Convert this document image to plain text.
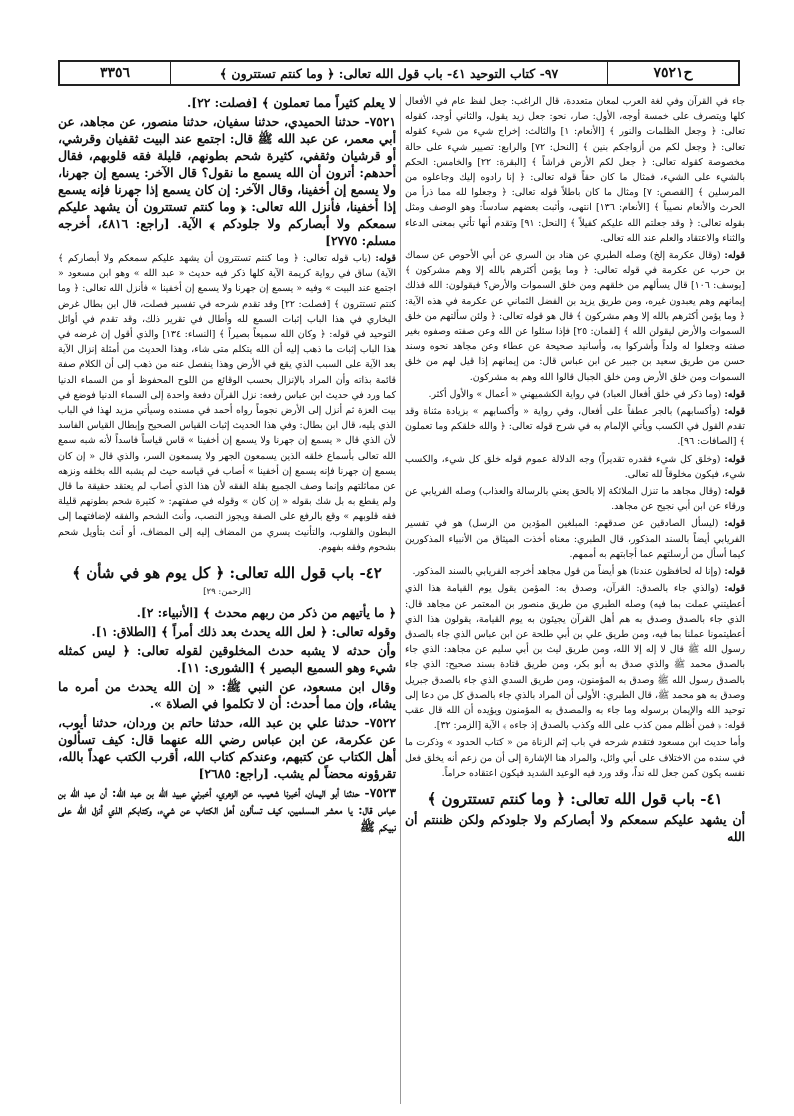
ح٧٥٢١
٩٧- كتاب التوحيد ٤١- باب قول الله تعالى: ﴿ وما كنتم تستترون ﴾
٣٣٥٦

جاء في القرآن وفي لغة العرب لمعان متعددة، قال الراغب: جعل لفظ عام في الأفعال كلها ويتصرف على خمسة أوجه، الأول: صار، نحو: جعل زيد يقول، والثاني أوجد، كقوله تعالى: ﴿ وجعل الظلمات والنور ﴾ [الأنعام: ١] والثالث: إخراج شيء من شيء كقوله تعالى: ﴿ وجعل لكم من أزواجكم بنين ﴾ [النحل: ٧٢] والرابع: تصيير شيء على حالة مخصوصة كقوله تعالى: ﴿ جعل لكم الأرض فراشاً ﴾ [البقرة: ٢٢] والخامس: الحكم بالشيء على الشيء، فمثال ما كان حقاً قوله تعالى: ﴿ إنا رادوه إليك وجاعلوه من المرسلين ﴾ [القصص: ٧] ومثال ما كان باطلاً قوله تعالى: ﴿ وجعلوا لله مما ذرأ من الحرث والأنعام نصيباً ﴾ [الأنعام: ١٣٦] انتهى، وأثبت بعضهم سادساً: وهو الوصف ومثل بقوله تعالى: ﴿ وقد جعلتم الله عليكم كفيلاً ﴾ [النحل: ٩١] وتقدم أنها تأتي بمعنى الدعاء والثناء والاعتقاد والعلم عند الله تعالى.

قوله: (وقال عكرمة إلخ) وصله الطبري عن هناد بن السري عن أبي الأحوص عن سماك بن حرب عن عكرمة في قوله تعالى: ﴿ وما يؤمن أكثرهم بالله إلا وهم مشركون ﴾ [يوسف: ١٠٦] قال يسألهم من خلقهم ومن خلق السموات والأرض؟ فيقولون: الله فذلك إيمانهم وهم يعبدون غيره، ومن طريق يزيد بن الفضل الثماني عن عكرمة في هذه الآية: ﴿ وما يؤمن أكثرهم بالله إلا وهم مشركون ﴾ قال هو قوله تعالى: ﴿ ولئن سألتهم من خلق السموات والأرض ليقولن الله ﴾ [لقمان: ٢٥] فإذا سئلوا عن الله وعن صفته وصفوه بغير صفته وجعلوا له ولداً وأشركوا به، وأسانيد صحيحة عن عطاء وعن مجاهد نحوه وسند حسن من طريق سعيد بن جبير عن ابن عباس قال: من إيمانهم إذا قيل لهم من خلق السموات ومن خلق الأرض ومن خلق الجبال قالوا الله وهم به مشركون.

قوله: (وما ذكر في خلق أفعال العباد) في رواية الكشميهني « أعمال » والأول أكثر.

قوله: (وأكسابهم) بالجر عطفاً على أفعال، وفي رواية « وأكسابهم » بزيادة مثناة وقد تقدم القول في الكسب ويأتي الإلمام به في شرح قوله تعالى: ﴿ والله خلقكم وما تعملون ﴾ [الصافات: ٩٦].

قوله: (وخلق كل شيء فقدره تقديراً) وجه الدلالة عموم قوله خلق كل شيء، والكسب شيء، فيكون مخلوقاً لله تعالى.

قوله: (وقال مجاهد ما تنزل الملائكة إلا بالحق يعني بالرسالة والعذاب) وصله الفريابي عن ورقاء عن ابن أبي نجيح عن مجاهد.

قوله: (ليسأل الصادقين عن صدقهم: المبلغين المؤدين من الرسل) هو في تفسير الفريابي أيضاً بالسند المذكور، قال الطبري: معناه أخذت الميثاق من الأنبياء المذكورين كيما أسأل من أرسلتهم عما أجابتهم به أممهم.

قوله: (وإنا له لحافظون عندنا) هو أيضاً من قول مجاهد أخرجه الفريابي بالسند المذكور.

قوله: (والذي جاء بالصدق: القرآن، وصدق به: المؤمن يقول يوم القيامة هذا الذي أعطيتني عملت بما فيه) وصله الطبري من طريق منصور بن المعتمر عن مجاهد قال: الذي جاء بالصدق وصدق به هم أهل القرآن يجيئون به يوم القيامة، يقولون هذا الذي أعطيتمونا عملنا بما فيه، ومن طريق علي بن أبي طلحة عن ابن عباس الذي جاء بالصدق رسول الله ﷺ قال لا إله إلا الله، ومن طريق ليث بن أبي سليم عن مجاهد: الذي جاء بالصدق محمد ﷺ والذي صدق به أبو بكر، ومن طريق قتادة بسند صحيح: الذي جاء بالصدق رسول الله ﷺ وصدق به المؤمنون، ومن طريق السدي الذي جاء بالصدق جبريل وصدق به هو محمد ﷺ، قال الطبري: الأولى أن المراد بالذي جاء بالصدق كل من دعا إلى توحيد الله والإيمان برسوله وما جاء به والمصدق به المؤمنون ويؤيده أن الله قال عقب قوله: ﴿ فمن أظلم ممن كذب على الله وكذب بالصدق إذ جاءه ﴾ الآية [الزمر: ٣٢].

وأما حديث ابن مسعود فتقدم شرحه في باب إثم الزناة من « كتاب الحدود » وذكرت ما في سنده من الاختلاف على أبي وائل، والمراد هنا الإشارة إلى أن من زعم أنه يخلق فعل نفسه يكون كمن جعل لله نداً، وقد ورد فيه الوعيد الشديد فيكون اعتقاده حراماً.

٤١- باب قول الله تعالى: ﴿ وما كنتم تستترون ﴾

أن يشهد عليكم سمعكم ولا أبصاركم ولا جلودكم ولكن ظننتم أن الله

لا يعلم كثيراً مما تعملون ﴾ [فصلت: ٢٢].

٧٥٢١- حدثنا الحميدي، حدثنا سفيان، حدثنا منصور، عن مجاهد، عن أبي معمر، عن عبد الله ﷺ قال: اجتمع عند البيت ثقفيان وقرشي، أو قرشيان وثقفي، كثيرة شحم بطونهم، قليلة فقه قلوبهم، فقال أحدهم: أترون أن الله يسمع ما نقول؟ قال الآخر: يسمع إن جهرنا، ولا يسمع إن أخفينا، وقال الآخر: إن كان يسمع إذا جهرنا فإنه يسمع إذا أخفينا، فأنزل الله تعالى: ﴿ وما كنتم تستترون أن يشهد عليكم سمعكم ولا أبصاركم ولا جلودكم ﴾ الآية. [راجع: ٤٨١٦، أخرجه مسلم: ٢٧٧٥]

قوله: (باب قوله تعالى: ﴿ وما كنتم تستترون أن يشهد عليكم سمعكم ولا أبصاركم ﴾ الآية) ساق في رواية كريمة الآية كلها ذكر فيه حديث « عبد الله » وهو ابن مسعود « اجتمع عند البيت » وفيه « يسمع إن جهرنا ولا يسمع إن أخفينا » فأنزل الله تعالى: ﴿ وما كنتم تستترون ﴾ [فصلت: ٢٢] وقد تقدم شرحه في تفسير فصلت، قال ابن بطال غرض البخاري في هذا الباب إثبات السمع لله وأطال في تقرير ذلك، وقد تقدم في أوائل التوحيد في قوله: ﴿ وكان الله سميعاً بصيراً ﴾ [النساء: ١٣٤] والذي أقول إن غرضه في هذا الباب إثبات ما ذهب إليه أن الله يتكلم متى شاء، وهذا الحديث من أمثلة إنزال الآية بعد الآية على السبب الذي يقع في الأرض وهذا ينفصل عنه من ذهب إلى أن الكلام صفة قائمة بذاته وأن المراد بالإنزال بحسب الوقائع من اللوح المحفوظ أو من السماء الدنيا كما ورد في حديث ابن عباس رفعه: نزل القرآن دفعة واحدة إلى السماء الدنيا فوضع في بيت العزة ثم أنزل إلى الأرض نجوماً رواه أحمد في مسنده وسيأتي مزيد لهذا في الباب الذي يليه، قال ابن بطال: وفي هذا الحديث إثبات القياس الصحيح وإبطال القياس الفاسد لأن الذي قال « يسمع إن جهرنا ولا يسمع إن أخفينا » قاس قياساً فاسداً لأنه شبه سمع الله تعالى بأسماع خلقه الذين يسمعون الجهر ولا يسمعون السر، والذي قال « إن كان يسمع إن جهرنا فإنه يسمع إن أخفينا » أصاب في قياسه حيث لم يشبه الله بخلقه ونزهه عن مماثلتهم وإنما وصف الجميع بقلة الفقه لأن هذا الذي أصاب لم يعتقد حقيقة ما قال ولم يقطع به بل شك بقوله « إن كان » وقوله في صفتهم: « كثيرة شحم بطونهم قليلة فقه قلوبهم » وقع بالرفع على الصفة ويجوز النصب، وأنث الشحم والفقه لإضافتهما إلى البطون والقلوب، والتأنيث يسري من المضاف إليه إلى المضاف، أو أنث بتأويل شحم بشحوم وفقه بفهوم.

٤٢- باب قول الله تعالى: ﴿ كل يوم هو في شأن ﴾
[الرحمن: ٢٩]

﴿ ما يأتيهم من ذكر من ربهم محدث ﴾ [الأنبياء: ٢].

وقوله تعالى: ﴿ لعل الله يحدث بعد ذلك أمراً ﴾ [الطلاق: ١].

وأن حدثه لا يشبه حدث المخلوقين لقوله تعالى: ﴿ ليس كمثله شيء وهو السميع البصير ﴾ [الشورى: ١١].

وقال ابن مسعود، عن النبي ﷺ: « إن الله يحدث من أمره ما يشاء، وإن مما أحدث: أن لا تكلموا في الصلاة ».

٧٥٢٢- حدثنا علي بن عبد الله، حدثنا حاتم بن وردان، حدثنا أيوب، عن عكرمة، عن ابن عباس رضي الله عنهما قال: كيف تسألون أهل الكتاب عن كتبهم، وعندكم كتاب الله، أقرب الكتب عهداً بالله، تقرؤونه محضاً لم يشب. [راجع: ٢٦٨٥]

٧٥٢٣- حدثنا أبو اليمان، أخبرنا شعيب، عن الزهري، أخبرني عبيد الله بن عبد الله: أن عبد الله بن عباس قال: يا معشر المسلمين، كيف تسألون أهل الكتاب عن شيء، وكتابكم الذي أنزل الله على نبيكم ﷺ
